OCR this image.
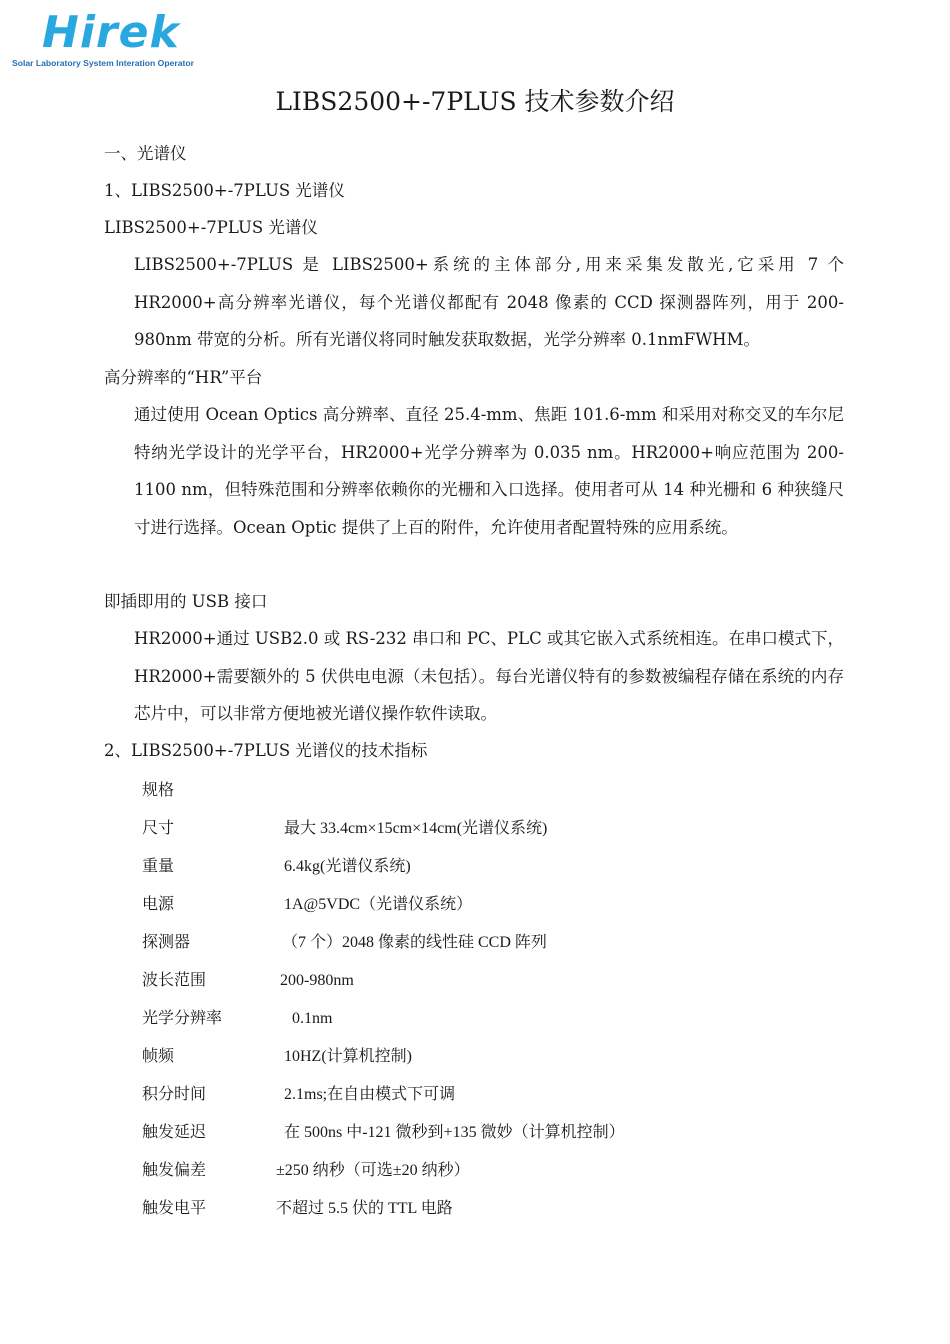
Hirek
Solar Laboratory System Interation Operator
LIBS2500+-7PLUS 技术参数介绍
一、光谱仪
1、LIBS2500+-7PLUS 光谱仪
LIBS2500+-7PLUS 光谱仪

LIBS2500+-7PLUS 是 LIBS2500+系统的主体部分,用来采集发散光,它采用 7 个 HR2000+高分辨率光谱仪，每个光谱仪都配有 2048 像素的 CCD 探测器阵列，用于 200-980nm 带宽的分析。所有光谱仪将同时触发获取数据，光学分辨率 0.1nmFWHM。

高分辨率的“HR”平台

通过使用 Ocean Optics 高分辨率、直径 25.4-mm、焦距 101.6-mm 和采用对称交叉的车尔尼特纳光学设计的光学平台，HR2000+光学分辨率为 0.035 nm。HR2000+响应范围为 200-1100 nm，但特殊范围和分辨率依赖你的光栅和入口选择。使用者可从 14 种光栅和 6 种狭缝尺寸进行选择。Ocean Optic 提供了上百的附件，允许使用者配置特殊的应用系统。

即插即用的 USB 接口

HR2000+通过 USB2.0 或 RS-232 串口和 PC、PLC 或其它嵌入式系统相连。在串口模式下，HR2000+需要额外的 5 伏供电电源（未包括）。每台光谱仪特有的参数被编程存储在系统的内存芯片中，可以非常方便地被光谱仪操作软件读取。

2、LIBS2500+-7PLUS 光谱仪的技术指标
规格
尺寸	最大 33.4cm×15cm×14cm(光谱仪系统)
重量	6.4kg(光谱仪系统)
电源	1A@5VDC（光谱仪系统）
探测器	（7 个）2048 像素的线性硅 CCD 阵列
波长范围	200-980nm
光学分辨率	0.1nm
帧频	10HZ(计算机控制)
积分时间	2.1ms;在自由模式下可调
触发延迟	在 500ns 中-121 微秒到+135 微妙（计算机控制）
触发偏差	±250 纳秒（可选±20 纳秒）
触发电平	不超过 5.5 伏的 TTL 电路
